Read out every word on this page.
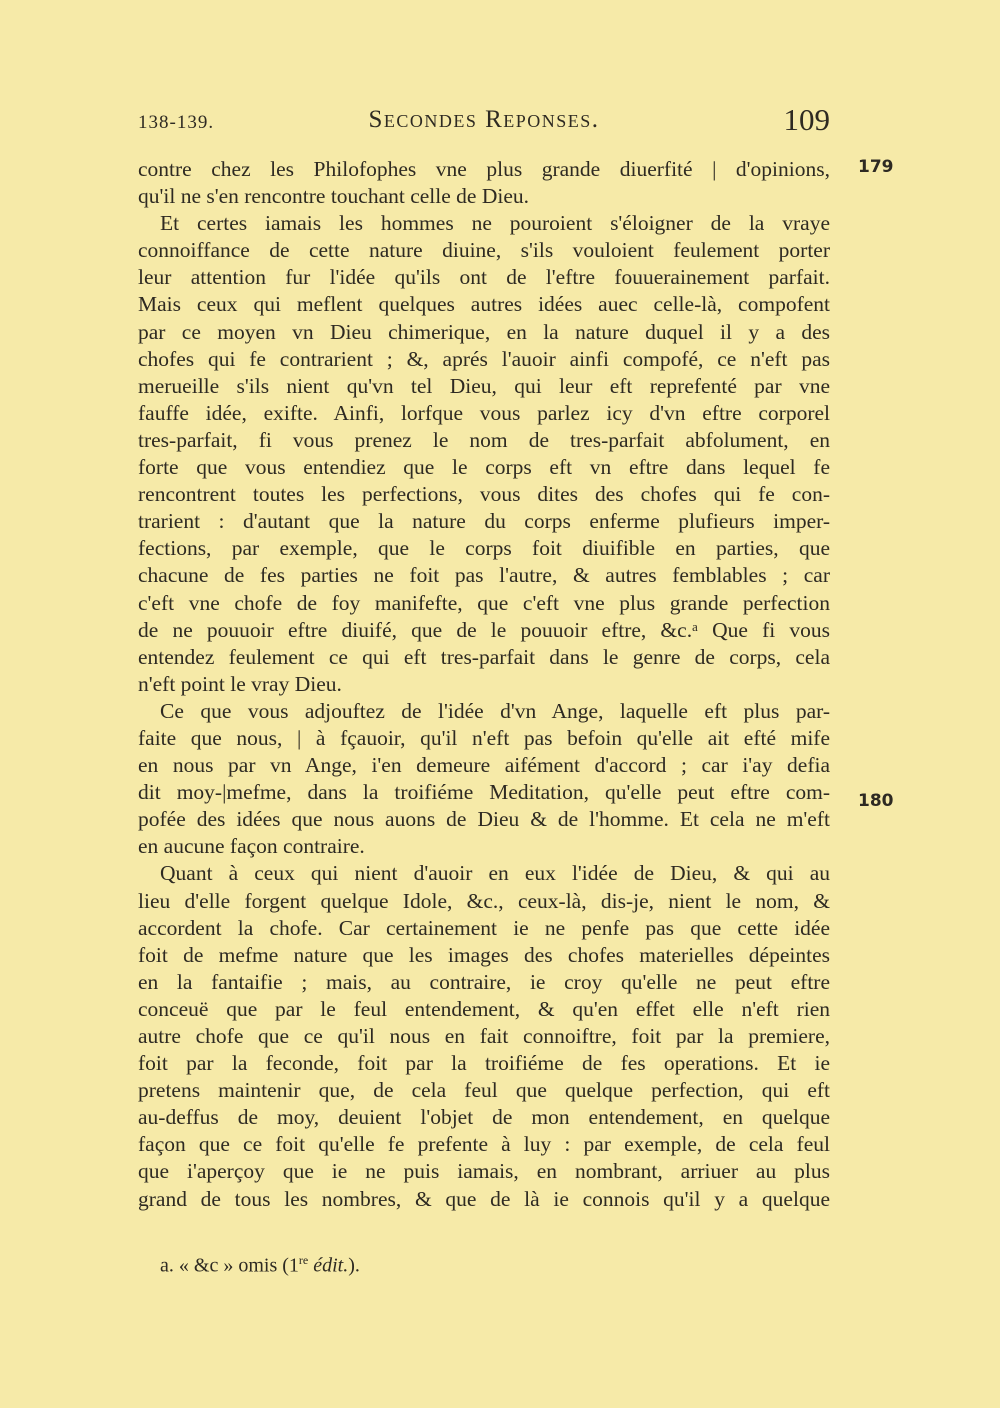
138-139.	Secondes Reponses.	109
contre chez les Philofophes vne plus grande diuerfité | d'opinions,
qu'il ne s'en rencontre touchant celle de Dieu.
Et certes iamais les hommes ne pouroient s'éloigner de la vraye
connoiffance de cette nature diuine, s'ils vouloient feulement porter
leur attention fur l'idée qu'ils ont de l'eftre fouuerainement parfait.
Mais ceux qui meflent quelques autres idées auec celle-là, compofent
par ce moyen vn Dieu chimerique, en la nature duquel il y a des
chofes qui fe contrarient ; &, aprés l'auoir ainfi compofé, ce n'eft pas
merueille s'ils nient qu'vn tel Dieu, qui leur eft reprefenté par vne
fauffe idée, exifte. Ainfi, lorfque vous parlez icy d'vn eftre corporel
tres-parfait, fi vous prenez le nom de tres-parfait abfolument, en
forte que vous entendiez que le corps eft vn eftre dans lequel fe
rencontrent toutes les perfections, vous dites des chofes qui fe con-
trarient : d'autant que la nature du corps enferme plufieurs imper-
fections, par exemple, que le corps foit diuifible en parties, que
chacune de fes parties ne foit pas l'autre, & autres femblables ; car
c'eft vne chofe de foy manifefte, que c'eft vne plus grande perfection
de ne pouuoir eftre diuifé, que de le pouuoir eftre, &c.ᵃ Que fi vous
entendez feulement ce qui eft tres-parfait dans le genre de corps, cela
n'eft point le vray Dieu.
Ce que vous adjouftez de l'idée d'vn Ange, laquelle eft plus par-
faite que nous, | à fçauoir, qu'il n'eft pas befoin qu'elle ait efté mife
en nous par vn Ange, i'en demeure aifément d'accord ; car i'ay defia
dit moy-|mefme, dans la troifiéme Meditation, qu'elle peut eftre com-
pofée des idées que nous auons de Dieu & de l'homme. Et cela ne m'eft
en aucune façon contraire.
Quant à ceux qui nient d'auoir en eux l'idée de Dieu, & qui au
lieu d'elle forgent quelque Idole, &c., ceux-là, dis-je, nient le nom, &
accordent la chofe. Car certainement ie ne penfe pas que cette idée
foit de mefme nature que les images des chofes materielles dépeintes
en la fantaifie ; mais, au contraire, ie croy qu'elle ne peut eftre
conceuë que par le feul entendement, & qu'en effet elle n'eft rien
autre chofe que ce qu'il nous en fait connoiftre, foit par la premiere,
foit par la feconde, foit par la troifiéme de fes operations. Et ie
pretens maintenir que, de cela feul que quelque perfection, qui eft
au-deffus de moy, deuient l'objet de mon entendement, en quelque
façon que ce foit qu'elle fe prefente à luy : par exemple, de cela feul
que i'aperçoy que ie ne puis iamais, en nombrant, arriuer au plus
grand de tous les nombres, & que de là ie connois qu'il y a quelque
179
180
a. « &c » omis (1re édit.).
